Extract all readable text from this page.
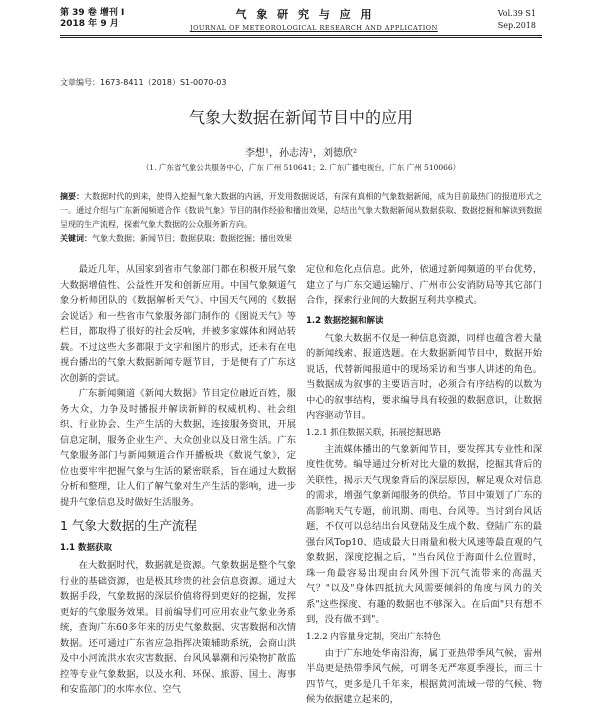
第 39 卷 增刊 I
2018 年 9 月
气 象 研 究 与 应 用
JOURNAL OF METEOROLOGICAL RESEARCH AND APPLICATION
Vol.39 S1
Sep.2018
文章编号：1673-8411（2018）S1-0070-03
气象大数据在新闻节目中的应用
李想¹，孙志涛¹，刘德欣²
（1. 广东省气象公共服务中心，广东 广州 510641；2. 广东广播电视台，广东 广州 510066）
摘要：大数据时代的到来，使得入挖掘气象大数据的内涵，开发用数据说话，有深有真相的气象数据新闻，成为目前最热门的报道形式之一。通过介绍与广东新闻频道合作《数说气象》节目的制作经验和播出效果，总结出气象大数据新闻从数据获取、数据挖掘和解读到数据呈现的生产流程，探索气象大数据的公众服务新方向。
关键词：气象大数据；新闻节目；数据获取；数据挖掘；播出效果

最近几年，从国家到省市气象部门都在积极开展气象大数据增值性、公益性开发和创新应用。中国气象频道气象分析师团队的《数据解析天气》、中国天气网的《数据会说话》和一些省市气象服务部门制作的《图说天气》等栏目，都取得了很好的社会反响，并被多家媒体和网站转载。不过这些大多都限于文字和图片的形式，还未有在电视台播出的气象大数据新闻专题节目，于是便有了广东这次创新的尝试。

广东新闻频道《新闻大数据》节目定位融近百姓，服务大众，力争及时播报并解读新鲜的权威机构、社会组织、行业协会、生产生活的大数据，连接服务资讯，开展信息定制，服务企业生产、大众创业以及日常生活。广东气象服务部门与新闻频道合作开播板块《数说气象》，定位也要牢牢把握气象与生活的紧密联系，旨在通过大数据分析和整理，让人们了解气象对生产生活的影响，进一步提升气象信息及时做好生活服务。

1 气象大数据的生产流程
1.1 数据获取

在大数据时代，数据就是资源。气象数据是整个气象行业的基础资源，也是极其珍贵的社会信息资源。通过大数据手段，气象数据的深层价值将得到更好的挖掘，发挥更好的气象服务效果。目前编导们可应用农业气象业务系统，查询广东60多年来的历史气象数据、灾害数据和次情数据。还可通过广东省应急指挥决策辅助系统，会商山洪及中小河流洪水农灾害数据、台风风暴潮和污染物扩散监控等专业气象数据，以及水利、环保、旅游、国土、海事和安监部门的水库水位、空气

定位和危化点信息。此外，依通过新闻频道的平台优势，建立了与广东交通运输厅、广州市公安消防局等其它部门合作，探索行业间的大数据互利共享模式。

1.2 数据挖掘和解读

气象大数据不仅是一种信息资源，同样也蕴含着大量的新闻线索、报道选题。在大数据新闻节目中，数据开始说话，代替新闻报道中的现场采访和当事人讲述的角色。当数据成为叙事的主要语言时，必须合有序结构的以数为中心的叙事结构，要求编导具有较强的数据意识，让数据内容驱动节目。

1.2.1 抓住数据关联，拓展挖掘思路

主流媒体播出的气象新闻节目，要发挥其专业性和深度性优势。编导通过分析对比大量的数据，挖掘其背后的关联性，揭示天气现象背后的深层原因，解足观众对信息的需求，增强气象新闻服务的供给。节目中策划了广东的高影响天气专题，前讯期、雨电、台风等。当讨到台风话题，不仅可以总结出台风登陆及生成个数、登陆广东的最强台风Top10、造成最大日雨量和极大风速等最直观的气象数据，深度挖掘之后，"当台风位于海面什么位置时，珠一角最容易出现由台风外围下沉气流带来的高温天气？"以及"身体四抵抗大风需要倾斜的角度与风力的关系"这些探度、有趣的数据也不够深入。在后面"只有想不到，没有做不到"。

1.2.2 内容量身定制，突出广东特色

由于广东地处华南沿海，属丁亚热带季风气候，雷州半岛更是热带季风气候，可谓冬无严寒夏季漫长，而三十四节气，更多是几千年来，根据黄河流域一带的气候、物候为依据建立起来的，
